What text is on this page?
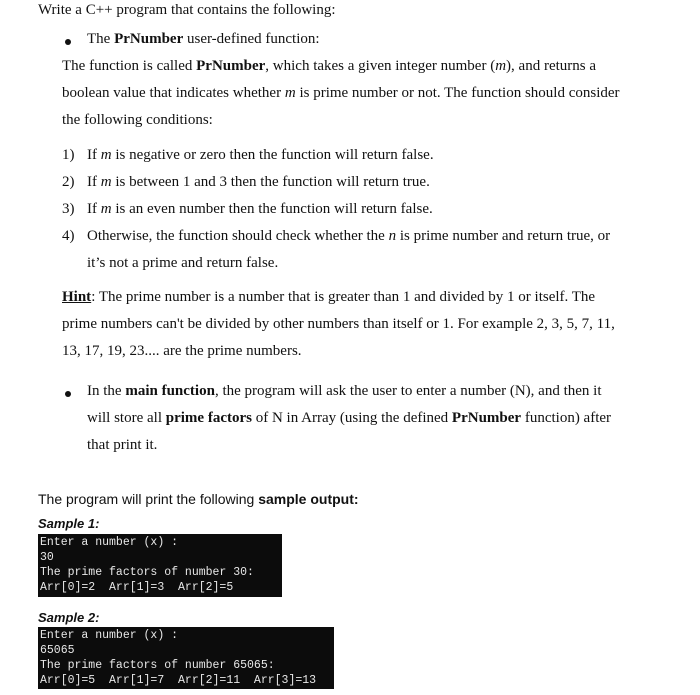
Write a C++ program that contains the following:
The PrNumber user-defined function:
The function is called PrNumber, which takes a given integer number (m), and returns a
boolean value that indicates whether m is prime number or not. The function should consider
the following conditions:
1) If m is negative or zero then the function will return false.
2) If m is between 1 and 3 then the function will return true.
3) If m is an even number then the function will return false.
4) Otherwise, the function should check whether the n is prime number and return true, or
it’s not a prime and return false.
Hint: The prime number is a number that is greater than 1 and divided by 1 or itself. The
prime numbers can't be divided by other numbers than itself or 1. For example 2, 3, 5, 7, 11,
13, 17, 19, 23.... are the prime numbers.
In the main function, the program will ask the user to enter a number (N), and then it
will store all prime factors of N in Array (using the defined PrNumber function) after
that print it.
The program will print the following sample output:
Sample 1:
Enter a number (x) :
30
The prime factors of number 30:
Arr[0]=2  Arr[1]=3  Arr[2]=5
Sample 2:
Enter a number (x) :
65065
The prime factors of number 65065:
Arr[0]=5  Arr[1]=7  Arr[2]=11  Arr[3]=13
